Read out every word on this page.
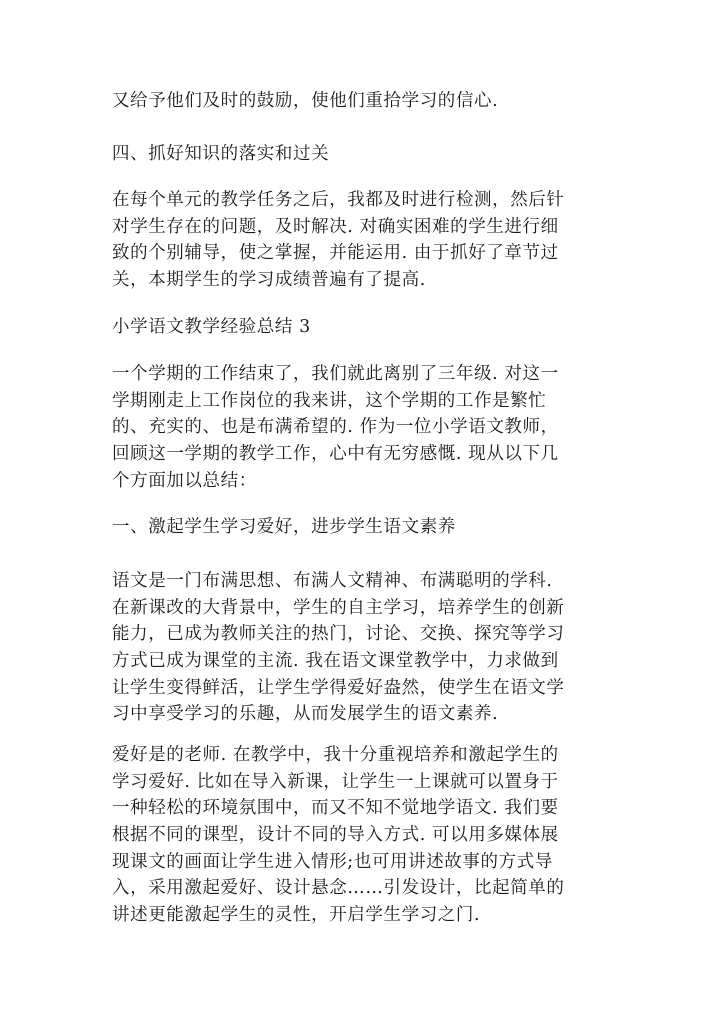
又给予他们及时的鼓励，使他们重拾学习的信心.

四、抓好知识的落实和过关

在每个单元的教学任务之后，我都及时进行检测，然后针
对学生存在的问题，及时解决. 对确实困难的学生进行细
致的个别辅导，使之掌握，并能运用. 由于抓好了章节过
关，本期学生的学习成绩普遍有了提高.

小学语文教学经验总结 3

一个学期的工作结束了，我们就此离别了三年级. 对这一
学期刚走上工作岗位的我来讲，这个学期的工作是繁忙
的、充实的、也是布满希望的. 作为一位小学语文教师，
回顾这一学期的教学工作，心中有无穷感慨. 现从以下几
个方面加以总结：

一、激起学生学习爱好，进步学生语文素养

语文是一门布满思想、布满人文精神、布满聪明的学科.
在新课改的大背景中，学生的自主学习，培养学生的创新
能力，已成为教师关注的热门，讨论、交换、探究等学习
方式已成为课堂的主流. 我在语文课堂教学中，力求做到
让学生变得鲜活，让学生学得爱好盎然，使学生在语文学
习中享受学习的乐趣，从而发展学生的语文素养.

爱好是的老师. 在教学中，我十分重视培养和激起学生的
学习爱好. 比如在导入新课，让学生一上课就可以置身于
一种轻松的环境氛围中，而又不知不觉地学语文. 我们要
根据不同的课型，设计不同的导入方式. 可以用多媒体展
现课文的画面让学生进入情形;也可用讲述故事的方式导
入，采用激起爱好、设计悬念……引发设计，比起简单的
讲述更能激起学生的灵性，开启学生学习之门.
